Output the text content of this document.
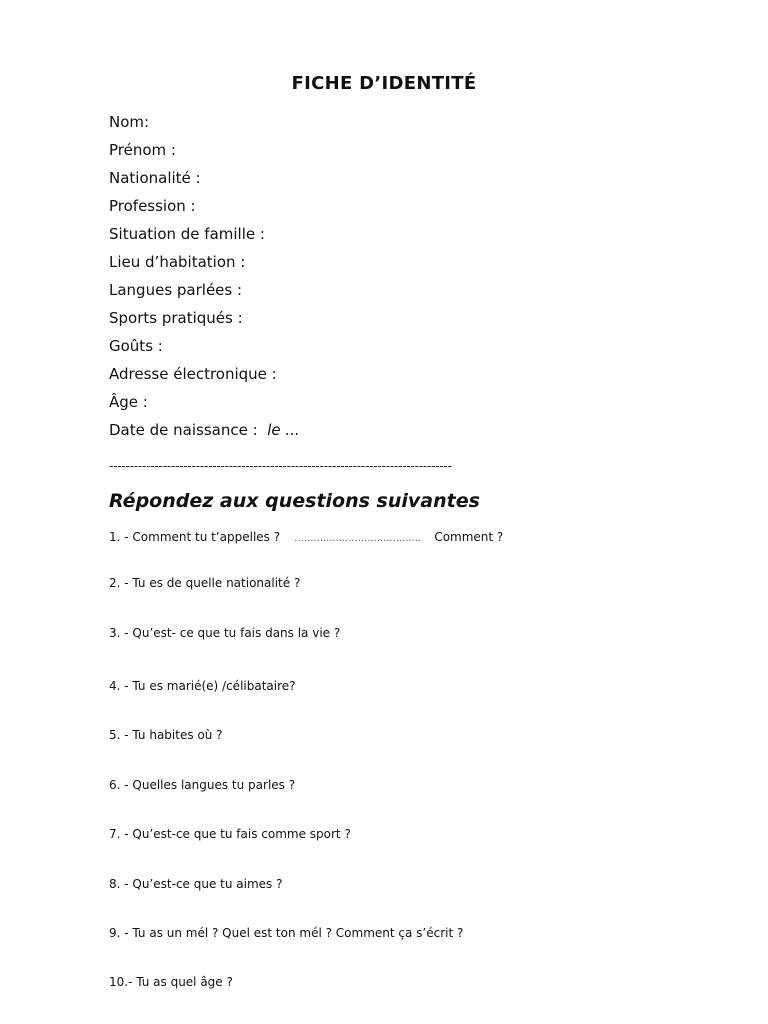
FICHE D’IDENTITÉ
Nom:
Prénom :
Nationalité :
Profession :
Situation de famille :
Lieu d’habitation :
Langues parlées :
Sports pratiqués :
Goûts :
Adresse électronique :
Âge :
Date de naissance : le ...
-----------------------------------------------------------------------------------
Répondez aux questions suivantes
1. - Comment tu t’appelles ? …………………………………. Comment ?
2. - Tu es de quelle nationalité ?
3. - Qu’est- ce que tu fais dans la vie ?
4. - Tu es marié(e) /célibataire?
5. - Tu habites où ?
6. - Quelles langues tu parles ?
7. - Qu’est-ce que tu fais comme sport ?
8. - Qu’est-ce que tu aimes ?
9. - Tu as un mél ? Quel est ton mél ? Comment ça s’écrit ?
10.- Tu as quel âge ?
